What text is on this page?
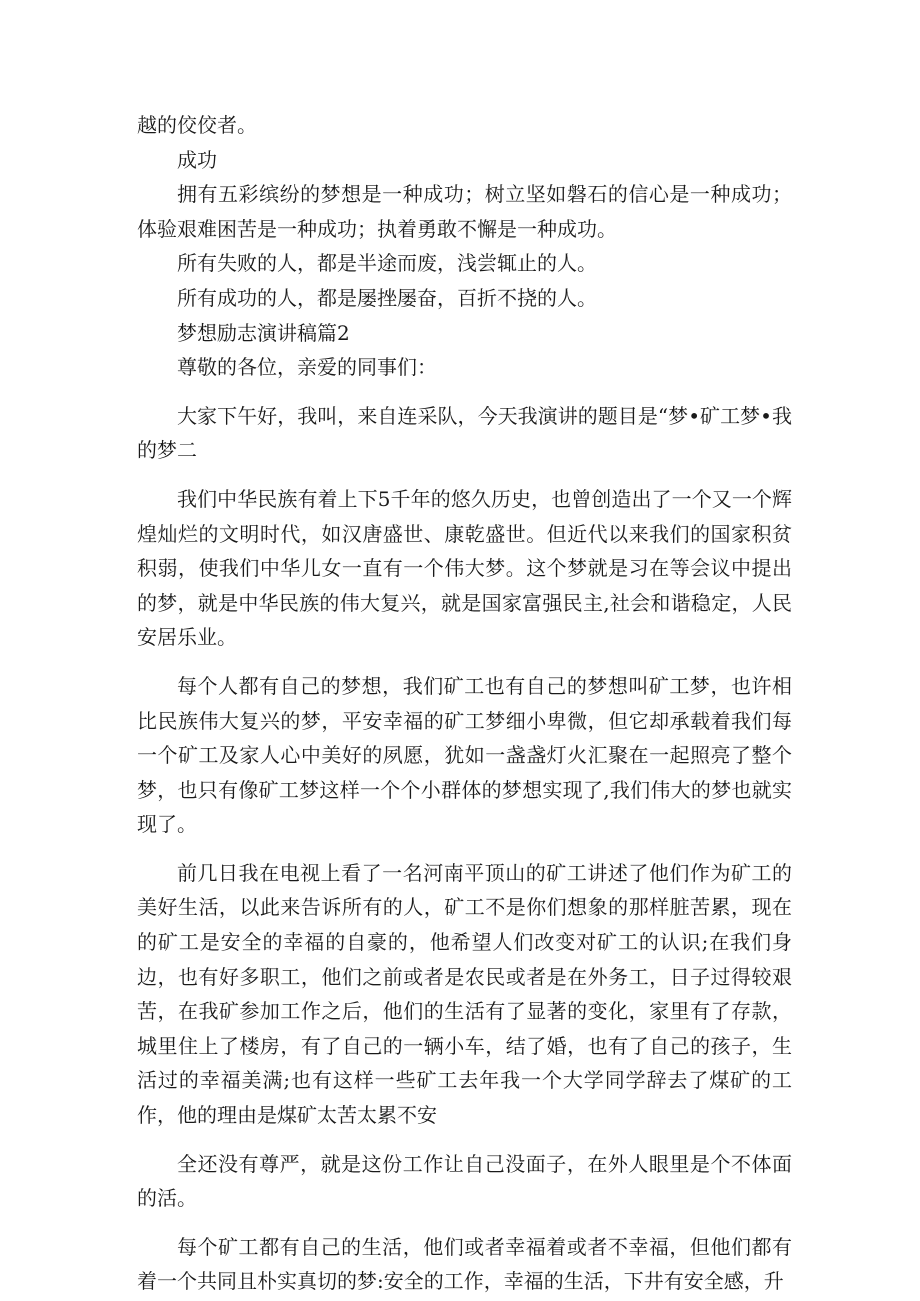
越的佼佼者。

成功

拥有五彩缤纷的梦想是一种成功；树立坚如磐石的信心是一种成功；体验艰难困苦是一种成功；执着勇敢不懈是一种成功。

所有失败的人，都是半途而废，浅尝辄止的人。

所有成功的人，都是屡挫屡奋，百折不挠的人。

梦想励志演讲稿篇2

尊敬的各位，亲爱的同事们：

大家下午好，我叫，来自连采队，今天我演讲的题目是“梦•矿工梦•我的梦二

我们中华民族有着上下5千年的悠久历史，也曾创造出了一个又一个辉煌灿烂的文明时代，如汉唐盛世、康乾盛世。但近代以来我们的国家积贫积弱，使我们中华儿女一直有一个伟大梦。这个梦就是习在等会议中提出的梦，就是中华民族的伟大复兴，就是国家富强民主,社会和谐稳定，人民安居乐业。

每个人都有自己的梦想，我们矿工也有自己的梦想叫矿工梦，也许相比民族伟大复兴的梦，平安幸福的矿工梦细小卑微，但它却承载着我们每一个矿工及家人心中美好的夙愿，犹如一盏盏灯火汇聚在一起照亮了整个梦，也只有像矿工梦这样一个个小群体的梦想实现了,我们伟大的梦也就实现了。

前几日我在电视上看了一名河南平顶山的矿工讲述了他们作为矿工的美好生活，以此来告诉所有的人，矿工不是你们想象的那样脏苦累，现在的矿工是安全的幸福的自豪的，他希望人们改变对矿工的认识;在我们身边，也有好多职工，他们之前或者是农民或者是在外务工，日子过得较艰苦，在我矿参加工作之后，他们的生活有了显著的变化，家里有了存款，城里住上了楼房，有了自己的一辆小车，结了婚，也有了自己的孩子，生活过的幸福美满;也有这样一些矿工去年我一个大学同学辞去了煤矿的工作，他的理由是煤矿太苦太累不安

全还没有尊严，就是这份工作让自己没面子，在外人眼里是个不体面的活。

每个矿工都有自己的生活，他们或者幸福着或者不幸福，但他们都有着一个共同且朴实真切的梦:安全的工作，幸福的生活，下井有安全感，升
